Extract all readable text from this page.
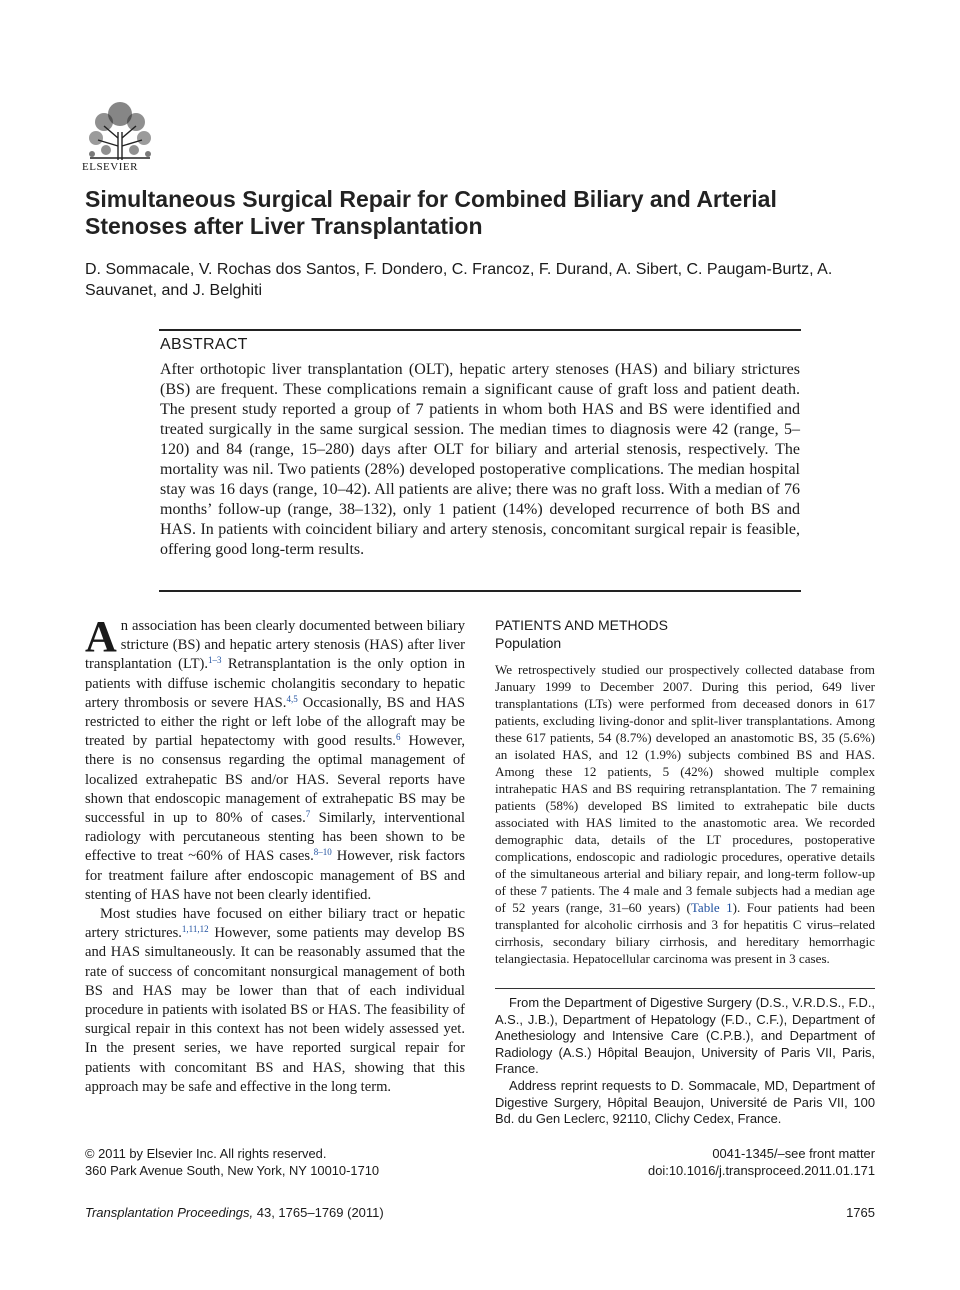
ELSEVIER
Simultaneous Surgical Repair for Combined Biliary and Arterial Stenoses after Liver Transplantation
D. Sommacale, V. Rochas dos Santos, F. Dondero, C. Francoz, F. Durand, A. Sibert, C. Paugam-Burtz, A. Sauvanet, and J. Belghiti
ABSTRACT
After orthotopic liver transplantation (OLT), hepatic artery stenoses (HAS) and biliary strictures (BS) are frequent. These complications remain a significant cause of graft loss and patient death. The present study reported a group of 7 patients in whom both HAS and BS were identified and treated surgically in the same surgical session. The median times to diagnosis were 42 (range, 5–120) and 84 (range, 15–280) days after OLT for biliary and arterial stenosis, respectively. The mortality was nil. Two patients (28%) developed postoperative complications. The median hospital stay was 16 days (range, 10–42). All patients are alive; there was no graft loss. With a median of 76 months’ follow-up (range, 38–132), only 1 patient (14%) developed recurrence of both BS and HAS. In patients with coincident biliary and artery stenosis, concomitant surgical repair is feasible, offering good long-term results.

An association has been clearly documented between biliary stricture (BS) and hepatic artery stenosis (HAS) after liver transplantation (LT).$^{1-3}$ Retransplantation is the only option in patients with diffuse ischemic cholangitis secondary to hepatic artery thrombosis or severe HAS.$^{4,5}$ Occasionally, BS and HAS restricted to either the right or left lobe of the allograft may be treated by partial hepatectomy with good results.$^6$ However, there is no consensus regarding the optimal management of localized extrahepatic BS and/or HAS. Several reports have shown that endoscopic management of extrahepatic BS may be successful in up to 80% of cases.$^7$ Similarly, interventional radiology with percutaneous stenting has been shown to be effective to treat ~60% of HAS cases.$^{8-10}$ However, risk factors for treatment failure after endoscopic management of BS and stenting of HAS have not been clearly identified.

Most studies have focused on either biliary tract or hepatic artery strictures.$^{1,11,12}$ However, some patients may develop BS and HAS simultaneously. It can be reasonably assumed that the rate of success of concomitant nonsurgical management of both BS and HAS may be lower than that of each individual procedure in patients with isolated BS or HAS. The feasibility of surgical repair in this context has not been widely assessed yet. In the present series, we have reported surgical repair for patients with concomitant BS and HAS, showing that this approach may be safe and effective in the long term.

PATIENTS AND METHODS
Population

We retrospectively studied our prospectively collected database from January 1999 to December 2007. During this period, 649 liver transplantations (LTs) were performed from deceased donors in 617 patients, excluding living-donor and split-liver transplantations. Among these 617 patients, 54 (8.7%) developed an anastomotic BS, 35 (5.6%) an isolated HAS, and 12 (1.9%) subjects combined BS and HAS. Among these 12 patients, 5 (42%) showed multiple complex intrahepatic HAS and BS requiring retransplantation. The 7 remaining patients (58%) developed BS limited to extrahepatic bile ducts associated with HAS limited to the anastomotic area. We recorded demographic data, details of the LT procedures, postoperative complications, endoscopic and radiologic procedures, operative details of the simultaneous arterial and biliary repair, and long-term follow-up of these 7 patients. The 4 male and 3 female subjects had a median age of 52 years (range, 31–60 years) (Table 1). Four patients had been transplanted for alcoholic cirrhosis and 3 for hepatitis C virus–related cirrhosis, secondary biliary cirrhosis, and hereditary hemorrhagic telangiectasia. Hepatocellular carcinoma was present in 3 cases.

From the Department of Digestive Surgery (D.S., V.R.D.S., F.D., A.S., J.B.), Department of Hepatology (F.D., C.F.), Department of Anethesiology and Intensive Care (C.P.B.), and Department of Radiology (A.S.) Hôpital Beaujon, University of Paris VII, Paris, France.

Address reprint requests to D. Sommacale, MD, Department of Digestive Surgery, Hôpital Beaujon, Université de Paris VII, 100 Bd. du Gen Leclerc, 92110, Clichy Cedex, France.

© 2011 by Elsevier Inc. All rights reserved.
360 Park Avenue South, New York, NY 10010-1710
0041-1345/–see front matter
doi:10.1016/j.transproceed.2011.01.171
Transplantation Proceedings, 43, 1765–1769 (2011)	1765
